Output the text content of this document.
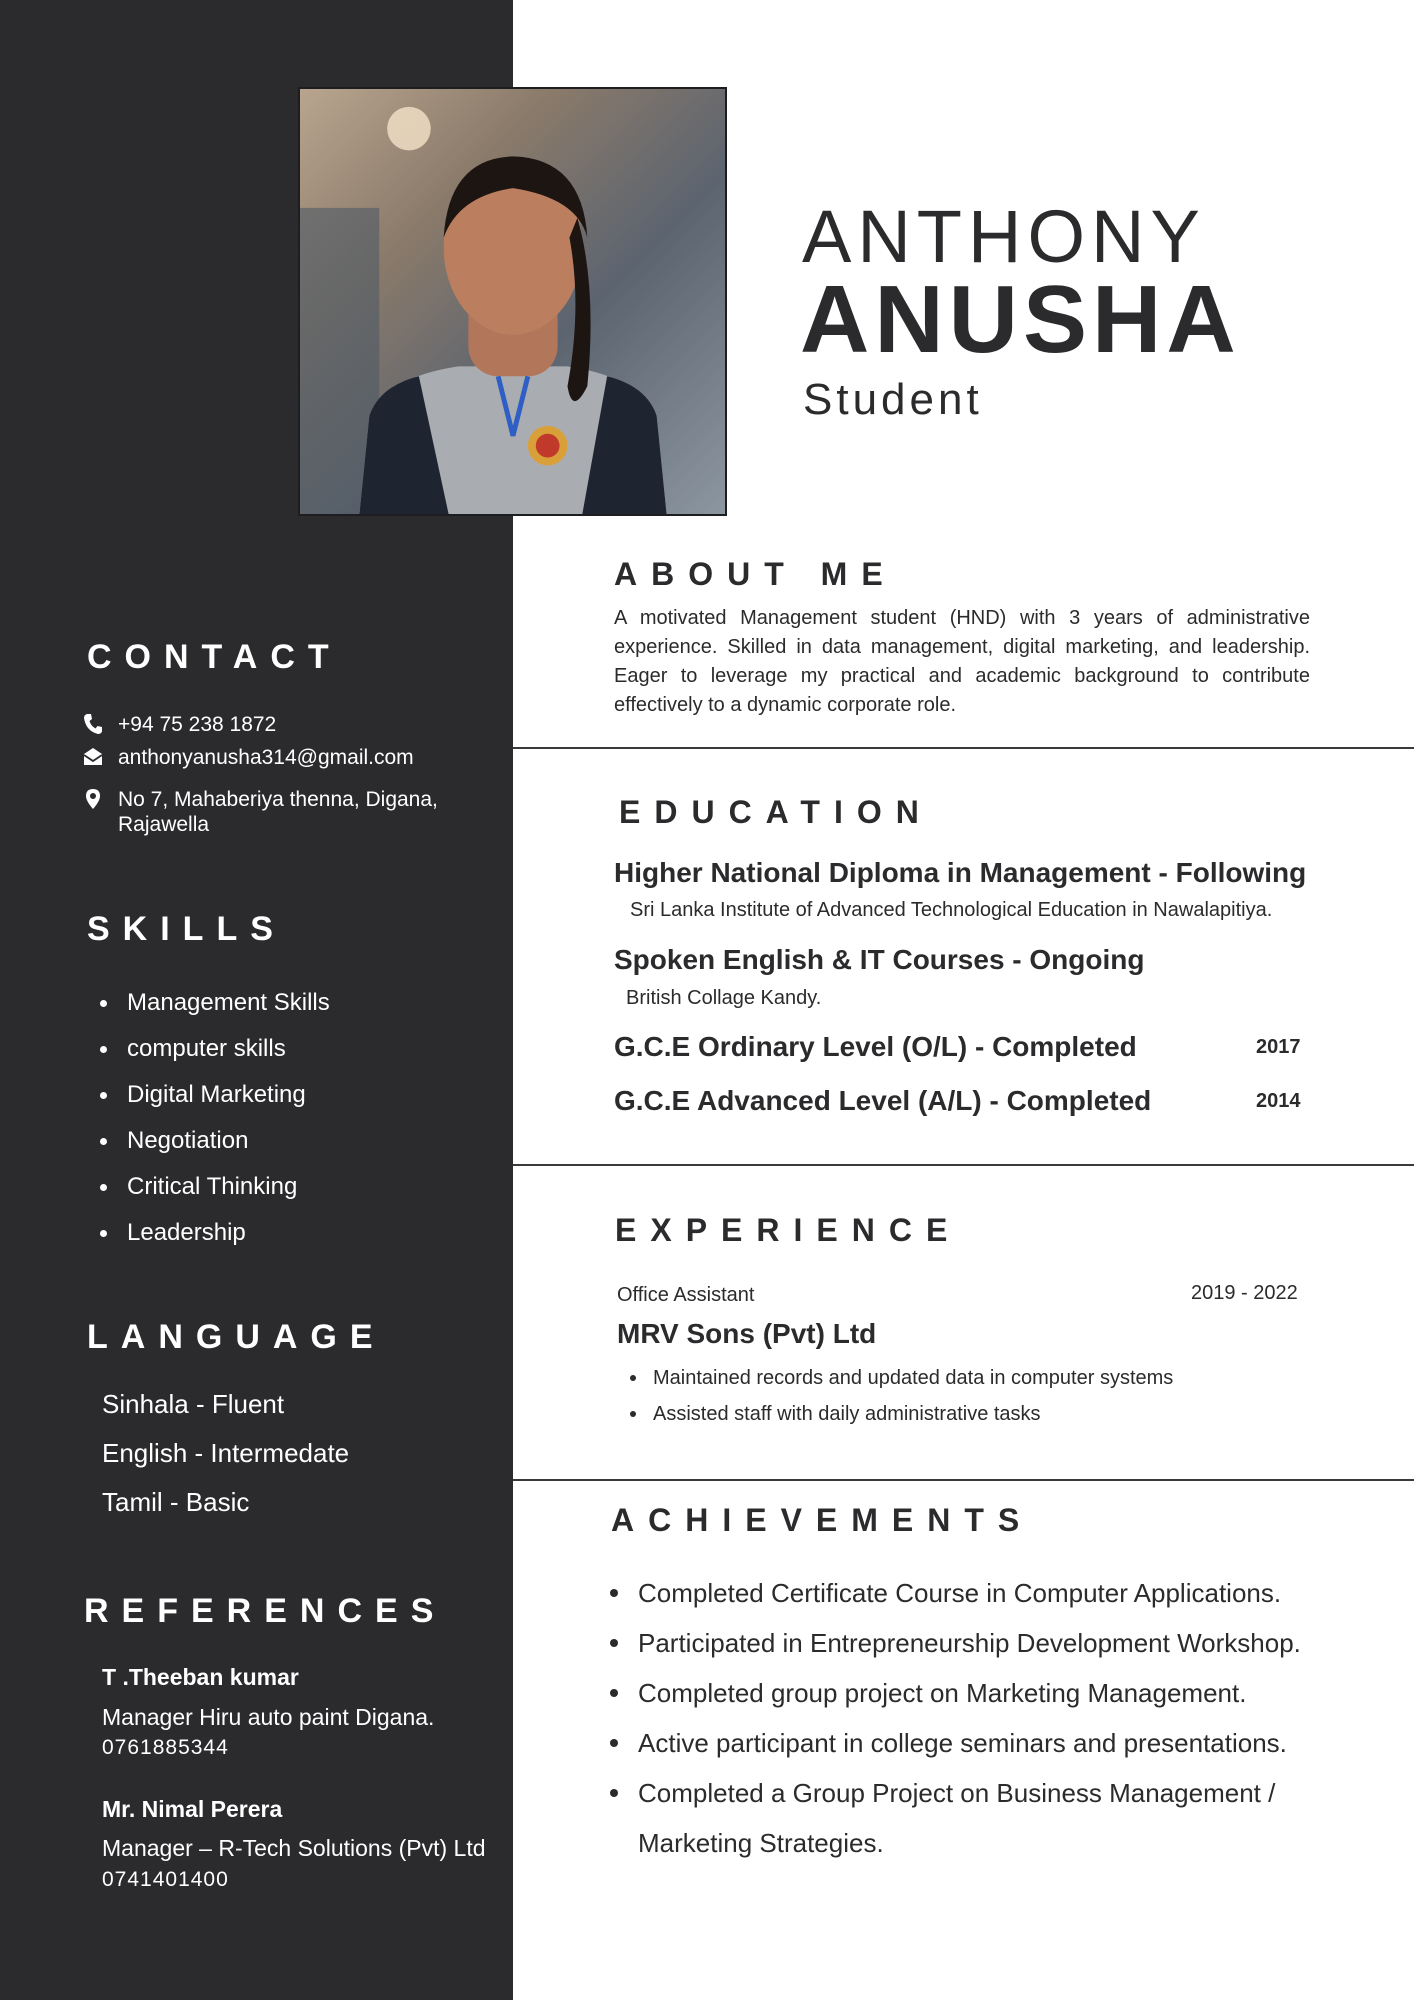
ANTHONY
ANUSHA
Student
CONTACT
+94 75 238 1872
anthonyanusha314@gmail.com
No 7, Mahaberiya thenna, Digana,
Rajawella
SKILLS
Management Skills
computer skills
Digital Marketing
Negotiation
Critical Thinking
Leadership
LANGUAGE
Sinhala - Fluent
English - Intermedate
Tamil - Basic
REFERENCES
T .Theeban kumar
Manager Hiru auto paint Digana.
0761885344
Mr. Nimal Perera
Manager – R-Tech Solutions (Pvt) Ltd
0741401400
ABOUT ME
A motivated Management student (HND) with 3 years of administrative experience. Skilled in data management, digital marketing, and leadership. Eager to leverage my practical and academic background to contribute effectively to a dynamic corporate role.
EDUCATION
Higher National Diploma in Management - Following
Sri Lanka Institute of Advanced Technological Education in Nawalapitiya.
Spoken English & IT Courses - Ongoing
British Collage Kandy.
G.C.E Ordinary Level (O/L) - Completed	2017
G.C.E Advanced Level (A/L) - Completed	2014
EXPERIENCE
Office Assistant	2019 - 2022
MRV Sons (Pvt) Ltd
Maintained records and updated data in computer systems
Assisted staff with daily administrative tasks
ACHIEVEMENTS
Completed Certificate Course in Computer Applications.
Participated in Entrepreneurship Development Workshop.
Completed group project on Marketing Management.
Active participant in college seminars and presentations.
Completed a Group Project on Business Management / Marketing Strategies.
